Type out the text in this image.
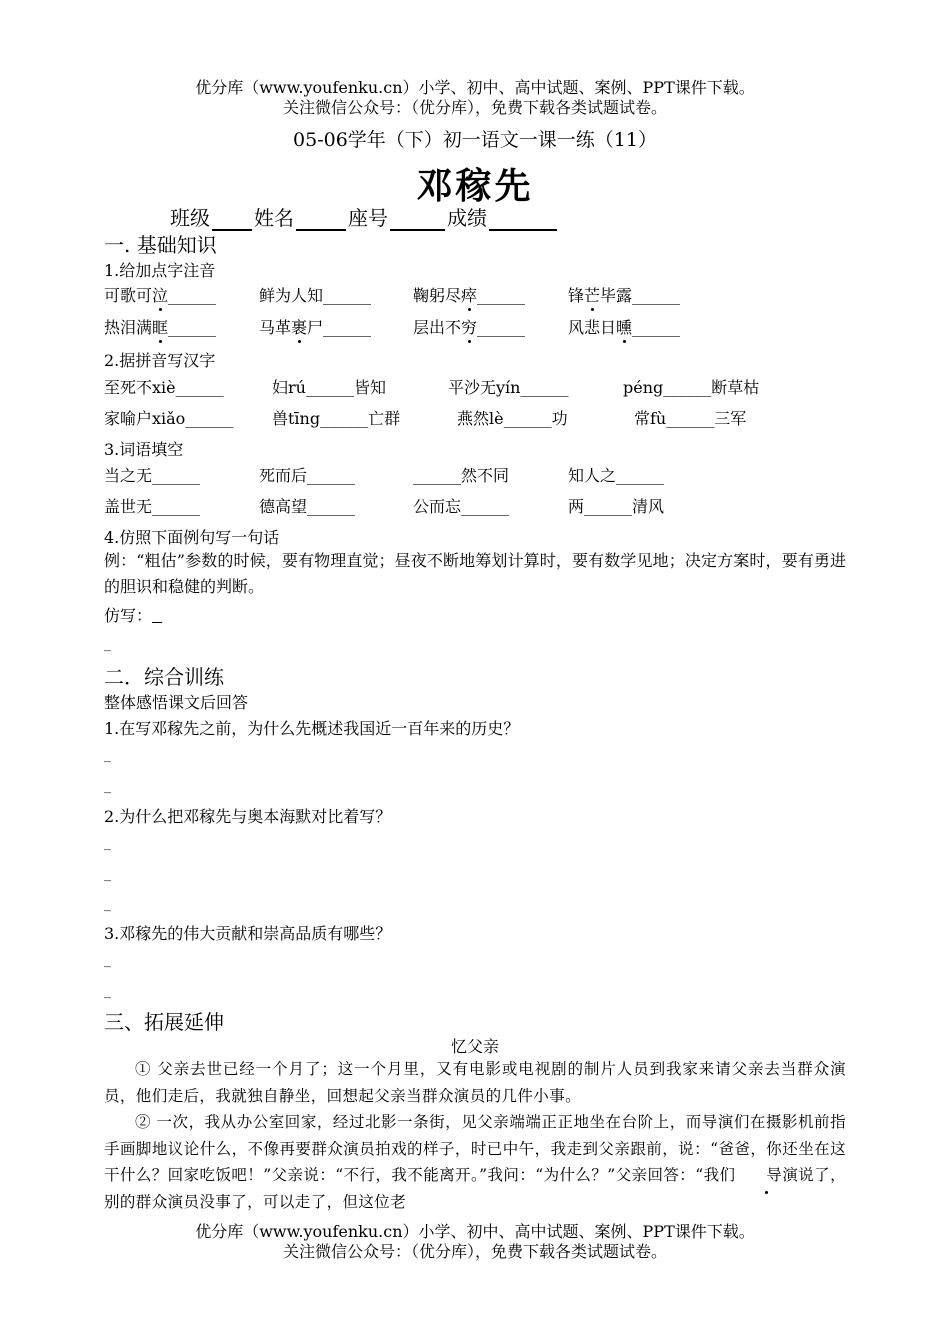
优分库（www.youfenku.cn）小学、初中、高中试题、案例、PPT课件下载。
关注微信公众号：（优分库），免费下载各类试题试卷。
05-06学年（下）初一语文一课一练（11）
邓稼先
班级 姓名	座号	成绩
一. 基础知识
1.给加点字注音
可歌可泣______	鲜为人知______	鞠躬尽瘁______	锋芒毕露______
热泪满眶______	马革裹尸______	层出不穷______	风悲日曛______
2.据拼音写汉字
至死不xiè______	妇rú______皆知	平沙无yín______	péng______断草枯
家喻户xiǎo______ 兽tīng______亡群	燕然lè______功	常fù______三军
3.词语填空
当之无______	死而后______	______然不同	知人之______
盖世无______	德高望______	公而忘______	两______清风
4.仿照下面例句写一句话
例：“粗估”参数的时候，要有物理直觉；昼夜不断地筹划计算时，要有数学见地；决定方案时，要有勇进的胆识和稳健的判断。
仿写：
_
二．综合训练
整体感悟课文后回答
1.在写邓稼先之前，为什么先概述我国近一百年来的历史？
_
_
2.为什么把邓稼先与奥本海默对比着写？
_
_
_
3.邓稼先的伟大贡献和崇高品质有哪些？
_
_
三、拓展延伸
忆父亲

① 父亲去世已经一个月了；这一个月里，又有电影或电视剧的制片人员到我家来请父亲去当群众演员，他们走后，我就独自静坐，回想起父亲当群众演员的几件小事。

② 一次，我从办公室回家，经过北影一条街，见父亲端端正正地坐在台阶上，而导演们在摄影机前指手画脚地议论什么，不像再要群众演员拍戏的样子，时已中午，我走到父亲跟前，说：“爸爸，你还坐在这干什么？回家吃饭吧！”父亲说：“不行，我不能离开。”我问：“为什么？”父亲回答：“我们 导演说了，别的群众演员没事了，可以走了，但这位老

优分库（www.youfenku.cn）小学、初中、高中试题、案例、PPT课件下载。
关注微信公众号：（优分库），免费下载各类试题试卷。
